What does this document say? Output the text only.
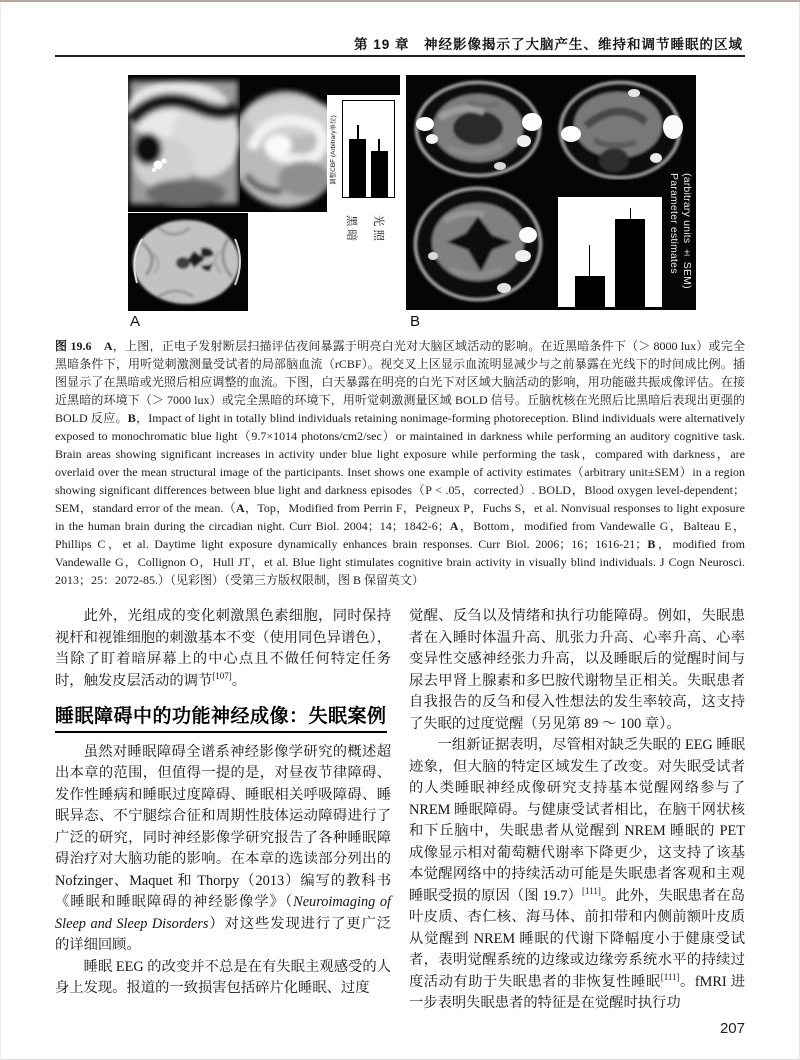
第 19 章　神经影像揭示了大脑产生、维持和调节睡眠的区域
调整CBF (Arbitrary单位)
黑暗 光照
A
Parameter estimates (arbitrary units ± SEM)
B
图 19.6　A，上图，正电子发射断层扫描评估夜间暴露于明亮白光对大脑区域活动的影响。在近黑暗条件下（＞ 8000 lux）或完全黑暗条件下，用听觉刺激测量受试者的局部脑血流（rCBF）。视交叉上区显示血流明显减少与之前暴露在光线下的时间成比例。插图显示了在黑暗或光照后相应调整的血流。下图，白天暴露在明亮的白光下对区域大脑活动的影响，用功能磁共振成像评估。在接近黑暗的环境下（＞ 7000 lux）或完全黑暗的环境下，用听觉刺激测量区域 BOLD 信号。丘脑枕核在光照后比黑暗后表现出更强的 BOLD 反应。B，Impact of light in totally blind individuals retaining nonimage-forming photoreception. Blind individuals were alternatively exposed to monochromatic blue light（9.7×1014 photons/cm2/sec）or maintained in darkness while performing an auditory cognitive task. Brain areas showing significant increases in activity under blue light exposure while performing the task，compared with darkness，are overlaid over the mean structural image of the participants. Inset shows one example of activity estimates（arbitrary unit±SEM）in a region showing significant differences between blue light and darkness episodes（P < .05，corrected）. BOLD，Blood oxygen level-dependent；SEM，standard error of the mean.（A，Top，Modified from Perrin F，Peigneux P，Fuchs S，et al. Nonvisual responses to light exposure in the human brain during the circadian night. Curr Biol. 2004；14；1842-6；A，Bottom，modified from Vandewalle G，Balteau E，Phillips C，et al. Daytime light exposure dynamically enhances brain responses. Curr Biol. 2006；16；1616-21；B，modified from Vandewalle G，Collignon O，Hull JT，et al. Blue light stimulates cognitive brain activity in visually blind individuals. J Cogn Neurosci. 2013；25：2072-85.）（见彩图）（受第三方版权限制，图 B 保留英文）

此外，光组成的变化刺激黑色素细胞，同时保持视杆和视锥细胞的刺激基本不变（使用同色异谱色），当除了盯着暗屏幕上的中心点且不做任何特定任务时，触发皮层活动的调节[107]。

睡眠障碍中的功能神经成像：失眠案例

虽然对睡眠障碍全谱系神经影像学研究的概述超出本章的范围，但值得一提的是，对昼夜节律障碍、发作性睡病和睡眠过度障碍、睡眠相关呼吸障碍、睡眠异态、不宁腿综合征和周期性肢体运动障碍进行了广泛的研究，同时神经影像学研究报告了各种睡眠障碍治疗对大脑功能的影响。在本章的选读部分列出的 Nofzinger、Maquet 和 Thorpy（2013）编写的教科书《睡眠和睡眠障碍的神经影像学》（Neuroimaging of Sleep and Sleep Disorders）对这些发现进行了更广泛的详细回顾。

睡眠 EEG 的改变并不总是在有失眠主观感受的人身上发现。报道的一致损害包括碎片化睡眠、过度

觉醒、反刍以及情绪和执行功能障碍。例如，失眠患者在入睡时体温升高、肌张力升高、心率升高、心率变异性交感神经张力升高，以及睡眠后的觉醒时间与尿去甲肾上腺素和多巴胺代谢物呈正相关。失眠患者自我报告的反刍和侵入性想法的发生率较高，这支持了失眠的过度觉醒（另见第 89 ～ 100 章）。

一组新证据表明，尽管相对缺乏失眠的 EEG 睡眠迹象，但大脑的特定区域发生了改变。对失眠受试者的人类睡眠神经成像研究支持基本觉醒网络参与了 NREM 睡眠障碍。与健康受试者相比，在脑干网状核和下丘脑中，失眠患者从觉醒到 NREM 睡眠的 PET 成像显示相对葡萄糖代谢率下降更少，这支持了该基本觉醒网络中的持续活动可能是失眠患者客观和主观睡眠受损的原因（图 19.7）[111]。此外，失眠患者在岛叶皮质、杏仁核、海马体、前扣带和内侧前额叶皮质从觉醒到 NREM 睡眠的代谢下降幅度小于健康受试者，表明觉醒系统的边缘或边缘旁系统水平的持续过度活动有助于失眠患者的非恢复性睡眠[111]。fMRI 进一步表明失眠患者的特征是在觉醒时执行功

207
